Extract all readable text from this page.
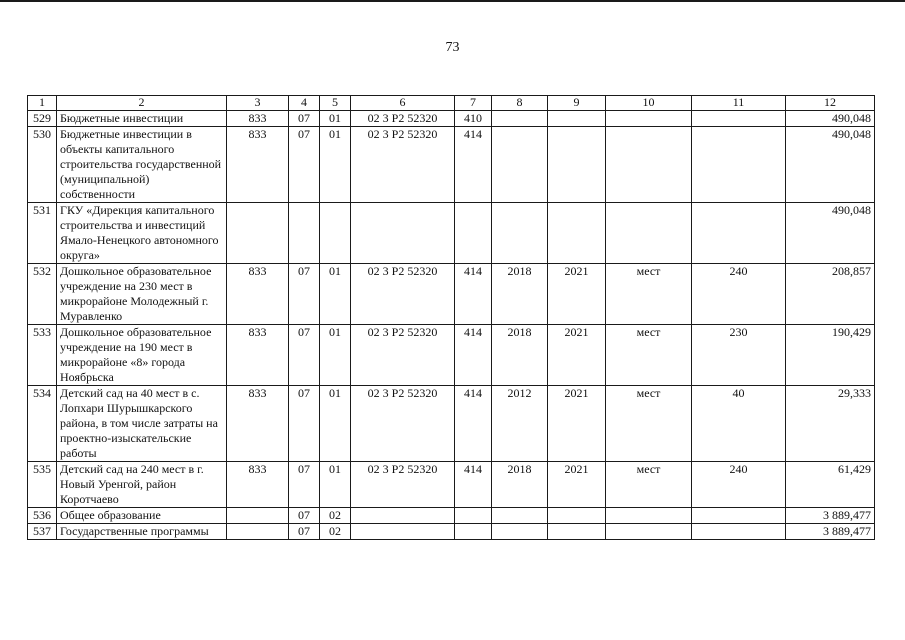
73
1	2	3	4	5	6	7	8	9	10	11	12
529	Бюджетные инвестиции	833	07	01	02 3 P2 52320	410					490,048
530	Бюджетные инвестиции в объекты капитального строительства государственной (муниципальной) собственности	833	07	01	02 3 P2 52320	414					490,048
531	ГКУ «Дирекция капитального строительства и инвестиций Ямало-Ненецкого автономного округа»										490,048
532	Дошкольное образовательное учреждение на 230 мест в микрорайоне Молодежный г. Муравленко	833	07	01	02 3 P2 52320	414	2018	2021	мест	240	208,857
533	Дошкольное образовательное учреждение на 190 мест в микрорайоне «8» города Ноябрьска	833	07	01	02 3 P2 52320	414	2018	2021	мест	230	190,429
534	Детский сад на 40 мест в с. Лопхари Шурышкарского района, в том числе затраты на проектно-изыскательские работы	833	07	01	02 3 P2 52320	414	2012	2021	мест	40	29,333
535	Детский сад на 240 мест в г. Новый Уренгой, район Коротчаево	833	07	01	02 3 P2 52320	414	2018	2021	мест	240	61,429
536	Общее образование		07	02							3 889,477
537	Государственные программы		07	02							3 889,477
